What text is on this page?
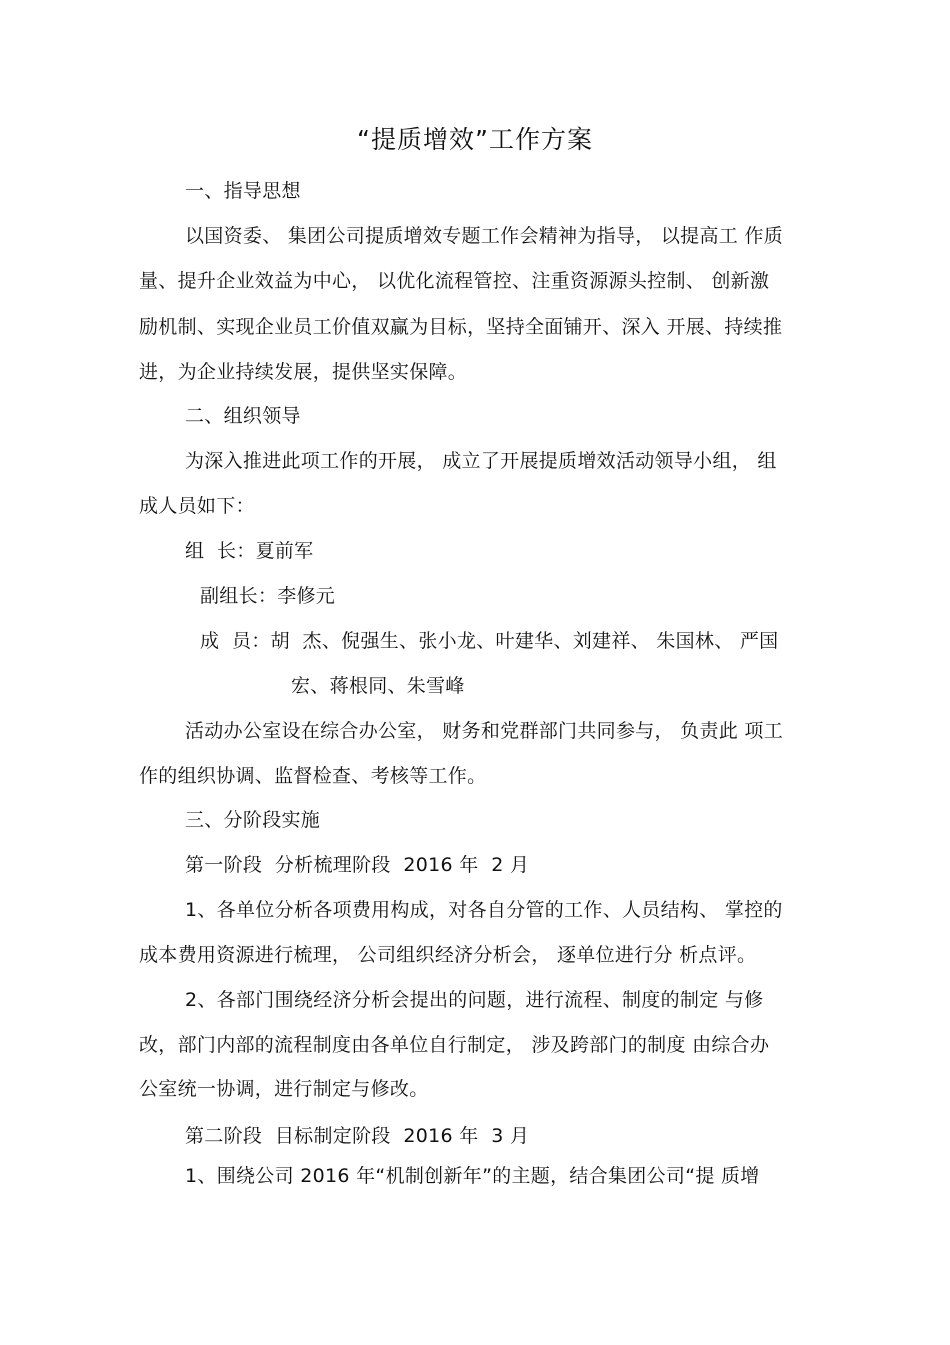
“提质增效”工作方案
一、指导思想
以国资委、 集团公司提质增效专题工作会精神为指导， 以提高工 作质
量、提升企业效益为中心， 以优化流程管控、注重资源源头控制、 创新激
励机制、实现企业员工价值双赢为目标，坚持全面铺开、深入 开展、持续推
进，为企业持续发展，提供坚实保障。
二、组织领导
为深入推进此项工作的开展， 成立了开展提质增效活动领导小组， 组
成人员如下：
组  长：夏前军
副组长：李修元
成  员：胡  杰、倪强生、张小龙、叶建华、刘建祥、 朱国林、 严国
宏、蒋根同、朱雪峰
活动办公室设在综合办公室， 财务和党群部门共同参与， 负责此 项工
作的组织协调、监督检查、考核等工作。
三、分阶段实施
第一阶段  分析梳理阶段  2016 年  2 月
1、各单位分析各项费用构成，对各自分管的工作、人员结构、 掌控的
成本费用资源进行梳理， 公司组织经济分析会， 逐单位进行分 析点评。
2、各部门围绕经济分析会提出的问题，进行流程、制度的制定 与修
改，部门内部的流程制度由各单位自行制定， 涉及跨部门的制度 由综合办
公室统一协调，进行制定与修改。
第二阶段  目标制定阶段  2016 年  3 月
1、围绕公司 2016 年“机制创新年”的主题，结合集团公司“提 质增
